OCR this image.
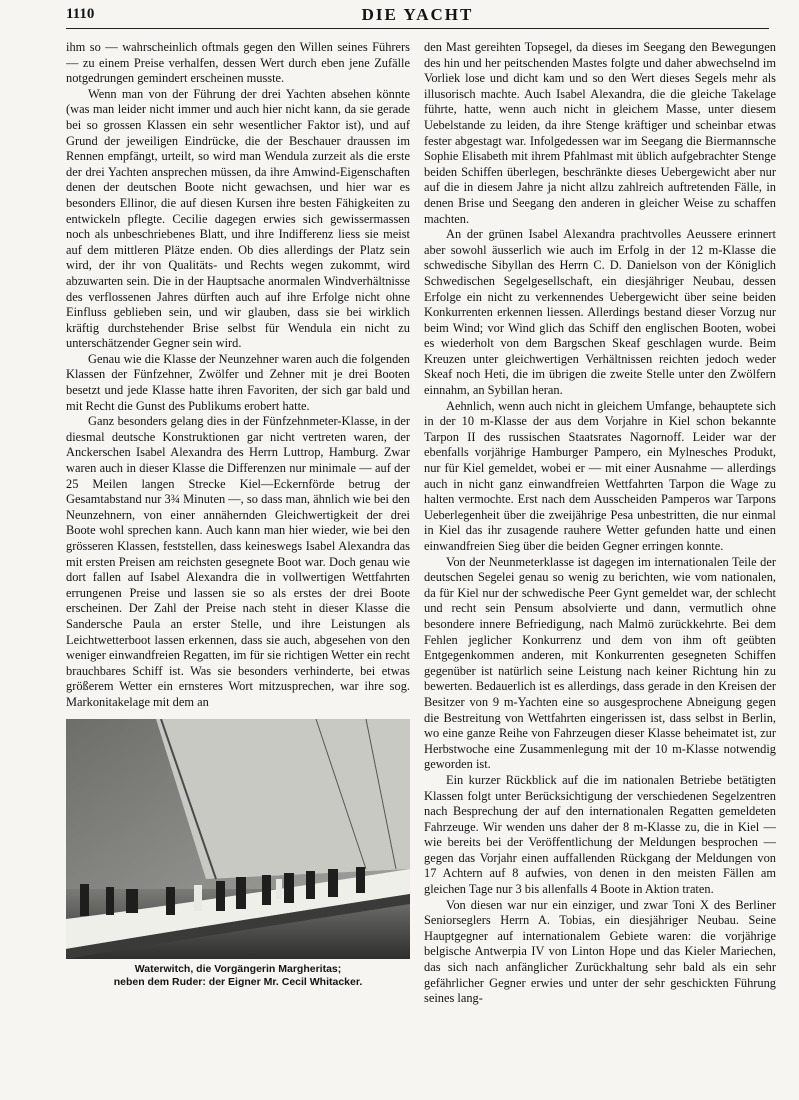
1110	DIE YACHT

ihm so — wahrscheinlich oftmals gegen den Willen seines Führers — zu einem Preise verhalfen, dessen Wert durch eben jene Zufälle notgedrungen gemindert erscheinen musste.

Wenn man von der Führung der drei Yachten absehen könnte (was man leider nicht immer und auch hier nicht kann, da sie gerade bei so grossen Klassen ein sehr wesentlicher Faktor ist), und auf Grund der jeweiligen Eindrücke, die der Beschauer draussen im Rennen empfängt, urteilt, so wird man Wendula zurzeit als die erste der drei Yachten ansprechen müssen, da ihre Amwind-Eigenschaften denen der deutschen Boote nicht gewachsen, und hier war es besonders Ellinor, die auf diesen Kursen ihre besten Fähigkeiten zu entwickeln pflegte. Cecilie dagegen erwies sich gewissermassen noch als unbeschriebenes Blatt, und ihre Indifferenz liess sie meist auf dem mittleren Plätze enden. Ob dies allerdings der Platz sein wird, der ihr von Qualitäts- und Rechts wegen zukommt, wird abzuwarten sein. Die in der Hauptsache anormalen Windverhältnisse des verflossenen Jahres dürften auch auf ihre Erfolge nicht ohne Einfluss geblieben sein, und wir glauben, dass sie bei wirklich kräftig durchstehender Brise selbst für Wendula ein nicht zu unterschätzender Gegner sein wird.

Genau wie die Klasse der Neunzehner waren auch die folgenden Klassen der Fünfzehner, Zwölfer und Zehner mit je drei Booten besetzt und jede Klasse hatte ihren Favoriten, der sich gar bald und mit Recht die Gunst des Publikums erobert hatte.

Ganz besonders gelang dies in der Fünfzehnmeter-Klasse, in der diesmal deutsche Konstruktionen gar nicht vertreten waren, der Anckerschen Isabel Alexandra des Herrn Luttrop, Hamburg. Zwar waren auch in dieser Klasse die Differenzen nur minimale — auf der 25 Meilen langen Strecke Kiel—Eckernförde betrug der Gesamtabstand nur 3¾ Minuten —, so dass man, ähnlich wie bei den Neunzehnern, von einer annähernden Gleichwertigkeit der drei Boote wohl sprechen kann. Auch kann man hier wieder, wie bei den grösseren Klassen, feststellen, dass keineswegs Isabel Alexandra das mit ersten Preisen am reichsten gesegnete Boot war. Doch genau wie dort fallen auf Isabel Alexandra die in vollwertigen Wettfahrten errungenen Preise und lassen sie so als erstes der drei Boote erscheinen. Der Zahl der Preise nach steht in dieser Klasse die Sandersche Paula an erster Stelle, und ihre Leistungen als Leichtwetterboot lassen erkennen, dass sie auch, abgesehen von den weniger einwandfreien Regatten, im für sie richtigen Wetter ein recht brauchbares Schiff ist. Was sie besonders verhinderte, bei etwas größerem Wetter ein ernsteres Wort mitzusprechen, war ihre sog. Markonitakelage mit dem an

Waterwitch, die Vorgängerin Margheritas;
neben dem Ruder: der Eigner Mr. Cecil Whitacker.

den Mast gereihten Topsegel, da dieses im Seegang den Bewegungen des hin und her peitschenden Mastes folgte und daher abwechselnd im Vorliek lose und dicht kam und so den Wert dieses Segels mehr als illusorisch machte. Auch Isabel Alexandra, die die gleiche Takelage führte, hatte, wenn auch nicht in gleichem Masse, unter diesem Uebelstande zu leiden, da ihre Stenge kräftiger und scheinbar etwas fester abgestagt war. Infolgedessen war im Seegang die Biermannsche Sophie Elisabeth mit ihrem Pfahlmast mit üblich aufgebrachter Stenge beiden Schiffen überlegen, beschränkte dieses Uebergewicht aber nur auf die in diesem Jahre ja nicht allzu zahlreich auftretenden Fälle, in denen Brise und Seegang den anderen in gleicher Weise zu schaffen machten.

An der grünen Isabel Alexandra prachtvolles Aeussere erinnert aber sowohl äusserlich wie auch im Erfolg in der 12 m-Klasse die schwedische Sibyllan des Herrn C. D. Danielson von der Königlich Schwedischen Segelgesellschaft, ein diesjähriger Neubau, dessen Erfolge ein nicht zu verkennendes Uebergewicht über seine beiden Konkurrenten erkennen liessen. Allerdings bestand dieser Vorzug nur beim Wind; vor Wind glich das Schiff den englischen Booten, wobei es wiederholt von dem Bargschen Skeaf geschlagen wurde. Beim Kreuzen unter gleichwertigen Verhältnissen reichten jedoch weder Skeaf noch Heti, die im übrigen die zweite Stelle unter den Zwölfern einnahm, an Sybillan heran.

Aehnlich, wenn auch nicht in gleichem Umfange, behauptete sich in der 10 m-Klasse der aus dem Vorjahre in Kiel schon bekannte Tarpon II des russischen Staatsrates Nagornoff. Leider war der ebenfalls vorjährige Hamburger Pampero, ein Mylnesches Produkt, nur für Kiel gemeldet, wobei er — mit einer Ausnahme — allerdings auch in nicht ganz einwandfreien Wettfahrten Tarpon die Wage zu halten vermochte. Erst nach dem Ausscheiden Pamperos war Tarpons Ueberlegenheit über die zweijährige Pesa unbestritten, die nur einmal in Kiel das ihr zusagende rauhere Wetter gefunden hatte und einen einwandfreien Sieg über die beiden Gegner erringen konnte.

Von der Neunmeterklasse ist dagegen im internationalen Teile der deutschen Segelei genau so wenig zu berichten, wie vom nationalen, da für Kiel nur der schwedische Peer Gynt gemeldet war, der schlecht und recht sein Pensum absolvierte und dann, vermutlich ohne besondere innere Befriedigung, nach Malmö zurückkehrte. Bei dem Fehlen jeglicher Konkurrenz und dem von ihm oft geübten Entgegenkommen anderen, mit Konkurrenten gesegneten Schiffen gegenüber ist natürlich seine Leistung nach keiner Richtung hin zu bewerten. Bedauerlich ist es allerdings, dass gerade in den Kreisen der Besitzer von 9 m-Yachten eine so ausgesprochene Abneigung gegen die Bestreitung von Wettfahrten eingerissen ist, dass selbst in Berlin, wo eine ganze Reihe von Fahrzeugen dieser Klasse beheimatet ist, zur Herbstwoche eine Zusammenlegung mit der 10 m-Klasse notwendig geworden ist.

Ein kurzer Rückblick auf die im nationalen Betriebe betätigten Klassen folgt unter Berücksichtigung der verschiedenen Segelzentren nach Besprechung der auf den internationalen Regatten gemeldeten Fahrzeuge. Wir wenden uns daher der 8 m-Klasse zu, die in Kiel — wie bereits bei der Veröffentlichung der Meldungen besprochen — gegen das Vorjahr einen auffallenden Rückgang der Meldungen von 17 Achtern auf 8 aufwies, von denen in den meisten Fällen am gleichen Tage nur 3 bis allenfalls 4 Boote in Aktion traten.

Von diesen war nur ein einziger, und zwar Toni X des Berliner Seniorseglers Herrn A. Tobias, ein diesjähriger Neubau. Seine Hauptgegner auf internationalem Gebiete waren: die vorjährige belgische Antwerpia IV von Linton Hope und das Kieler Mariechen, das sich nach anfänglicher Zurückhaltung sehr bald als ein sehr gefährlicher Gegner erwies und unter der sehr geschickten Führung seines lang-
